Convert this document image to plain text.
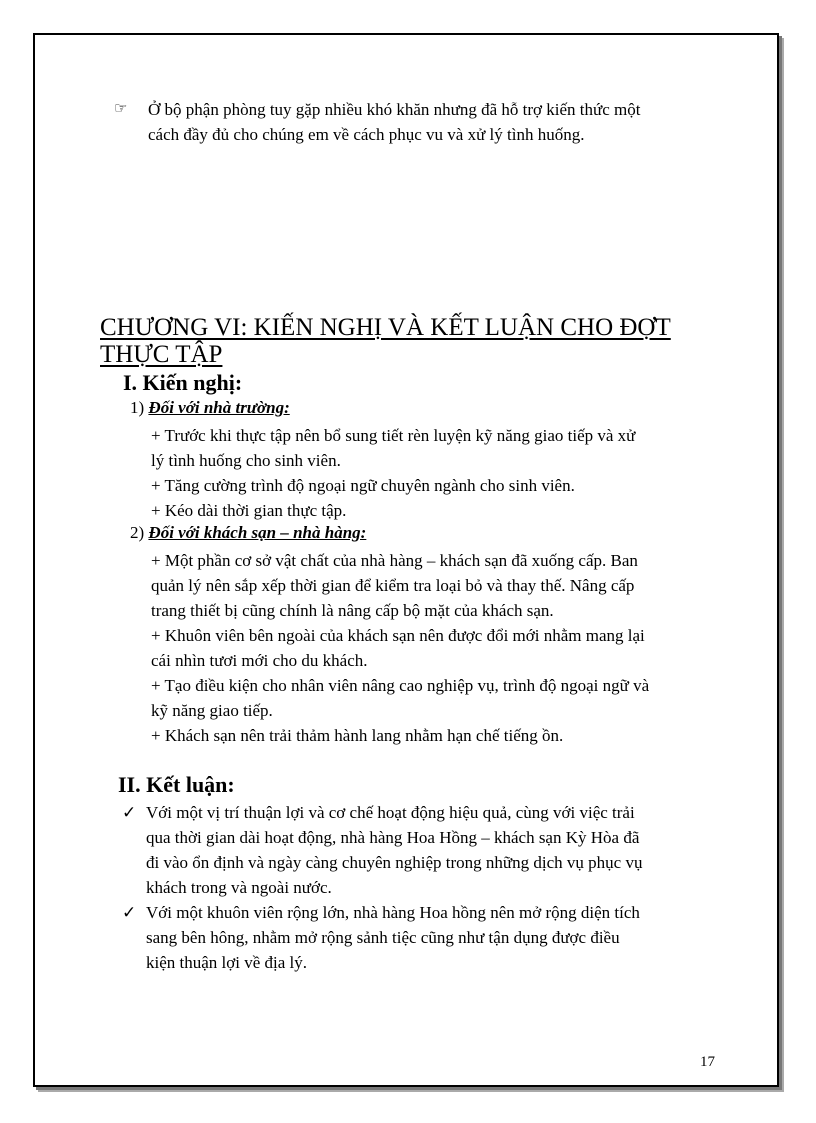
☞	Ở bộ phận phòng tuy gặp nhiều khó khăn nhưng đã hỗ trợ kiến thức một
cách đầy đủ cho chúng em về cách phục vu và xử lý tình huống.
CHƯƠNG VI: KIẾN NGHỊ VÀ KẾT LUẬN CHO ĐỢT
THỰC TẬP
I. Kiến nghị:
1) Đối với nhà trường:
+ Trước khi thực tập nên bổ sung tiết rèn luyện kỹ năng giao tiếp và xử
lý tình huống cho sinh viên.
+ Tăng cường trình độ ngoại ngữ chuyên ngành cho sinh viên.
+ Kéo dài thời gian thực tập.
2) Đối với khách sạn – nhà hàng:
+ Một phần cơ sở vật chất của nhà hàng – khách sạn đã xuống cấp. Ban
quản lý nên sắp xếp thời gian để kiểm tra loại bỏ và thay thế. Nâng cấp
trang thiết bị cũng chính là nâng cấp bộ mặt của khách sạn.
+ Khuôn viên bên ngoài của khách sạn nên được đổi mới nhằm mang lại
cái nhìn tươi mới cho du khách.
+ Tạo điều kiện cho nhân viên nâng cao nghiệp vụ, trình độ ngoại ngữ và
kỹ năng giao tiếp.
+ Khách sạn nên trải thảm hành lang nhằm hạn chế tiếng ồn.
II. Kết luận:
✓ Với một vị trí thuận lợi và cơ chế hoạt động hiệu quả, cùng với việc trải
qua thời gian dài hoạt động, nhà hàng Hoa Hồng – khách sạn Kỳ Hòa đã
đi vào ổn định và ngày càng chuyên nghiệp trong những dịch vụ phục vụ
khách trong và ngoài nước.
✓ Với một khuôn viên rộng lớn, nhà hàng Hoa hồng nên mở rộng diện tích
sang bên hông, nhằm mở rộng sảnh tiệc cũng như tận dụng được điều
kiện thuận lợi về địa lý.
17
